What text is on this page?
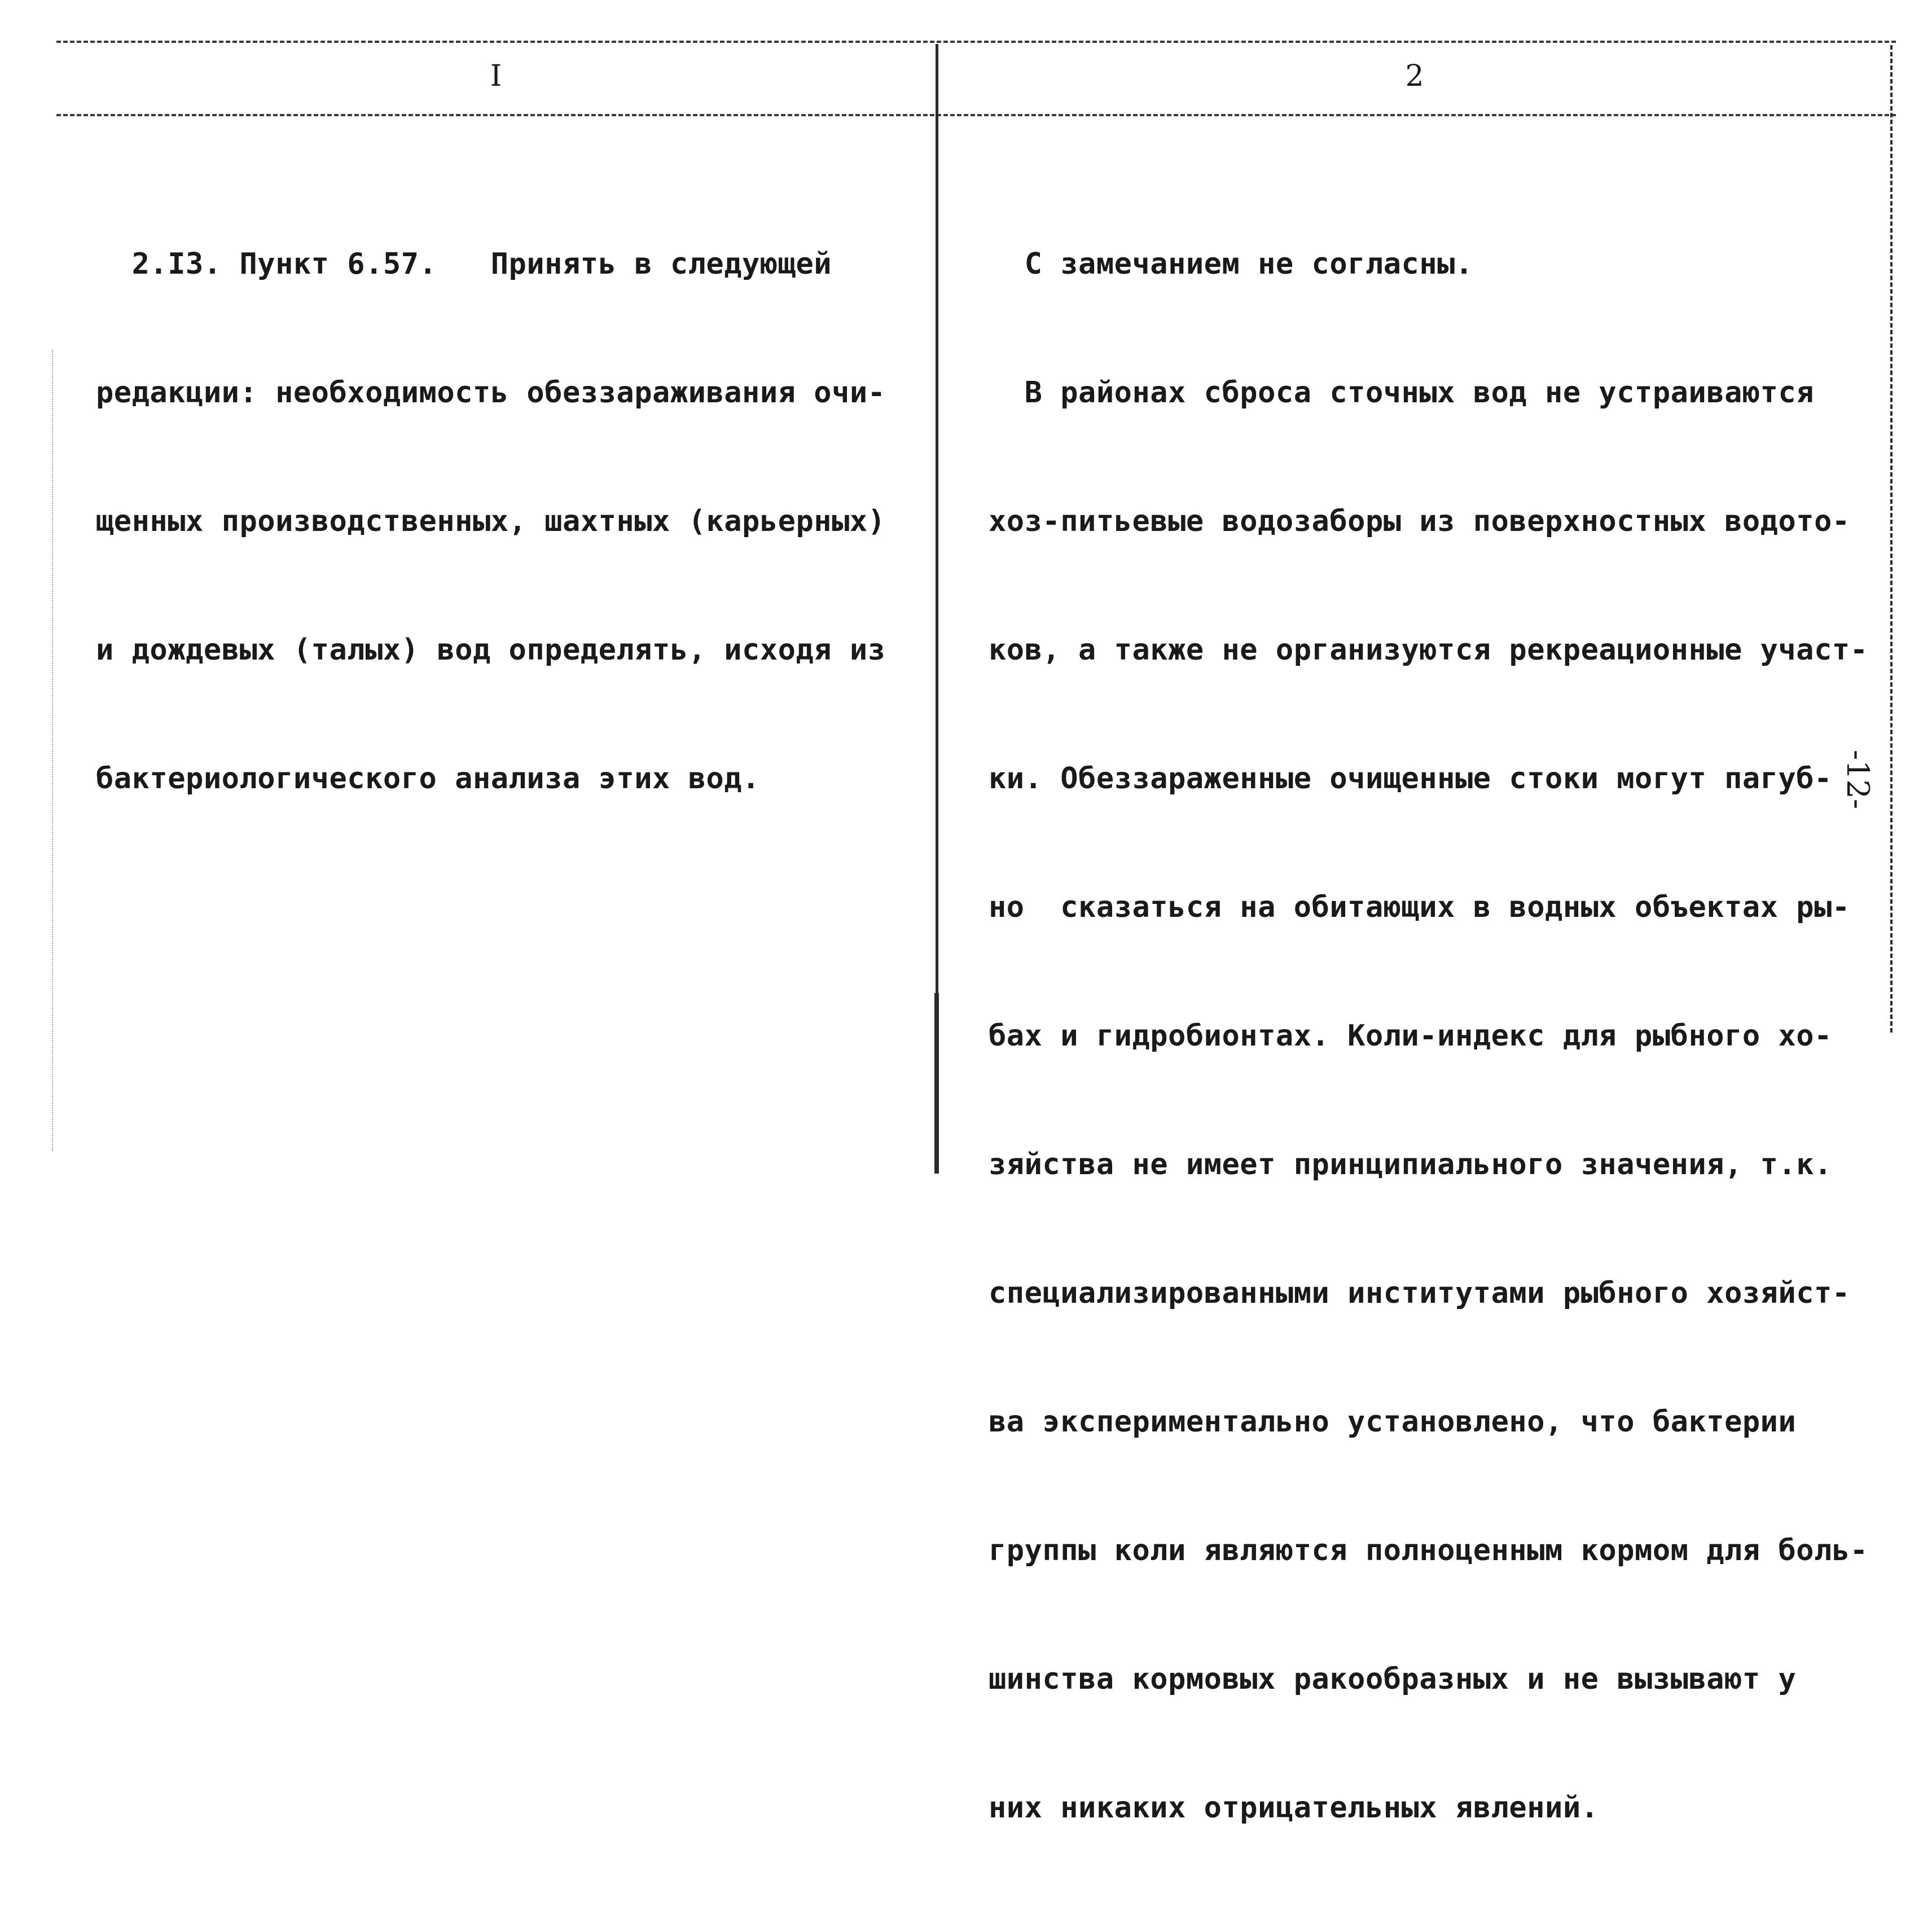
I	2

2.I3. Пункт 6.57.   Принять в следующей

редакции: необходимость обеззараживания очи-

щенных производственных, шахтных (карьерных)

и дождевых (талых) вод определять, исходя из

бактериологического анализа этих вод.

С замечанием не согласны.

В районах сброса сточных вод не устраиваются

хоз-питьевые водозаборы из поверхностных водото-

ков, а также не организуются рекреационные участ-

ки. Обеззараженные очищенные стоки могут пагуб-

но  сказаться на обитающих в водных объектах ры-

бах и гидробионтах. Коли-индекс для рыбного хо-

зяйства не имеет принципиального значения, т.к.

специализированными институтами рыбного хозяйст-

ва экспериментально установлено, что бактерии

группы коли являются полноценным кормом для боль-

шинства кормовых ракообразных и не вызывают у

них никаких отрицательных явлений.

-12-
